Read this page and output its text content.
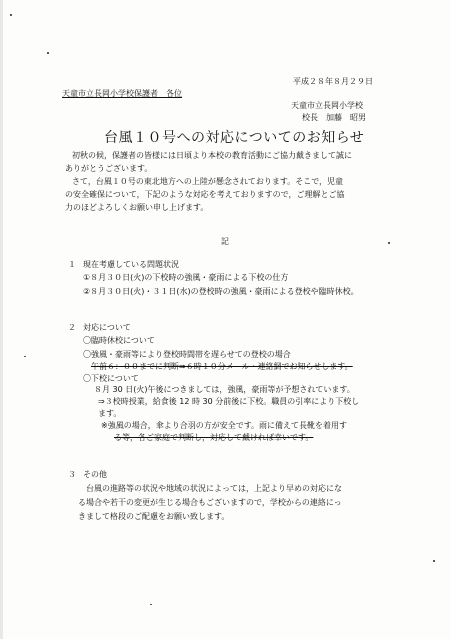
平成２８年８月２９日
天童市立長岡小学校保護者　各位
天童市立長岡小学校
校長　加藤　昭男
台風１０号への対応についてのお知らせ
初秋の候，保護者の皆様には日頃より本校の教育活動にご協力戴きまして誠に
ありがとうございます。
さて，台風１０号の東北地方への上陸が懸念されております。そこで，児童
の安全確保について，下記のような対応を考えておりますので，ご理解とご協
力のほどよろしくお願い申し上げます。
記
１ 現在考慮している問題状況
①８月３０日(火)の下校時の強風・豪雨による下校の仕方
②８月３０日(火)・３１日(水)の登校時の強風・豪雨による登校や臨時休校。
２ 対応について
〇臨時休校について
〇強風・豪雨等により登校時間帯を遅らせての登校の場合
午前６：００までに判断⇒６時１０分メール・連絡網でお知らせします。
〇下校について
８月 30 日(火)午後につきましては，強風，豪雨等が予想されています。
⇒３校時授業，給食後 12 時 30 分前後に下校。職員の引率により下校し
ます。
※強風の場合，傘より合羽の方が安全です。雨に備えて長靴を着用す
る等，各ご家庭で判断し，対応して戴ければ幸いです。
３ その他
台風の進路等の状況や地域の状況によっては，上記より早めの対応にな
る場合や若干の変更が生じる場合もございますので，学校からの連絡にっ
きまして格段のご配慮をお願い致します。
